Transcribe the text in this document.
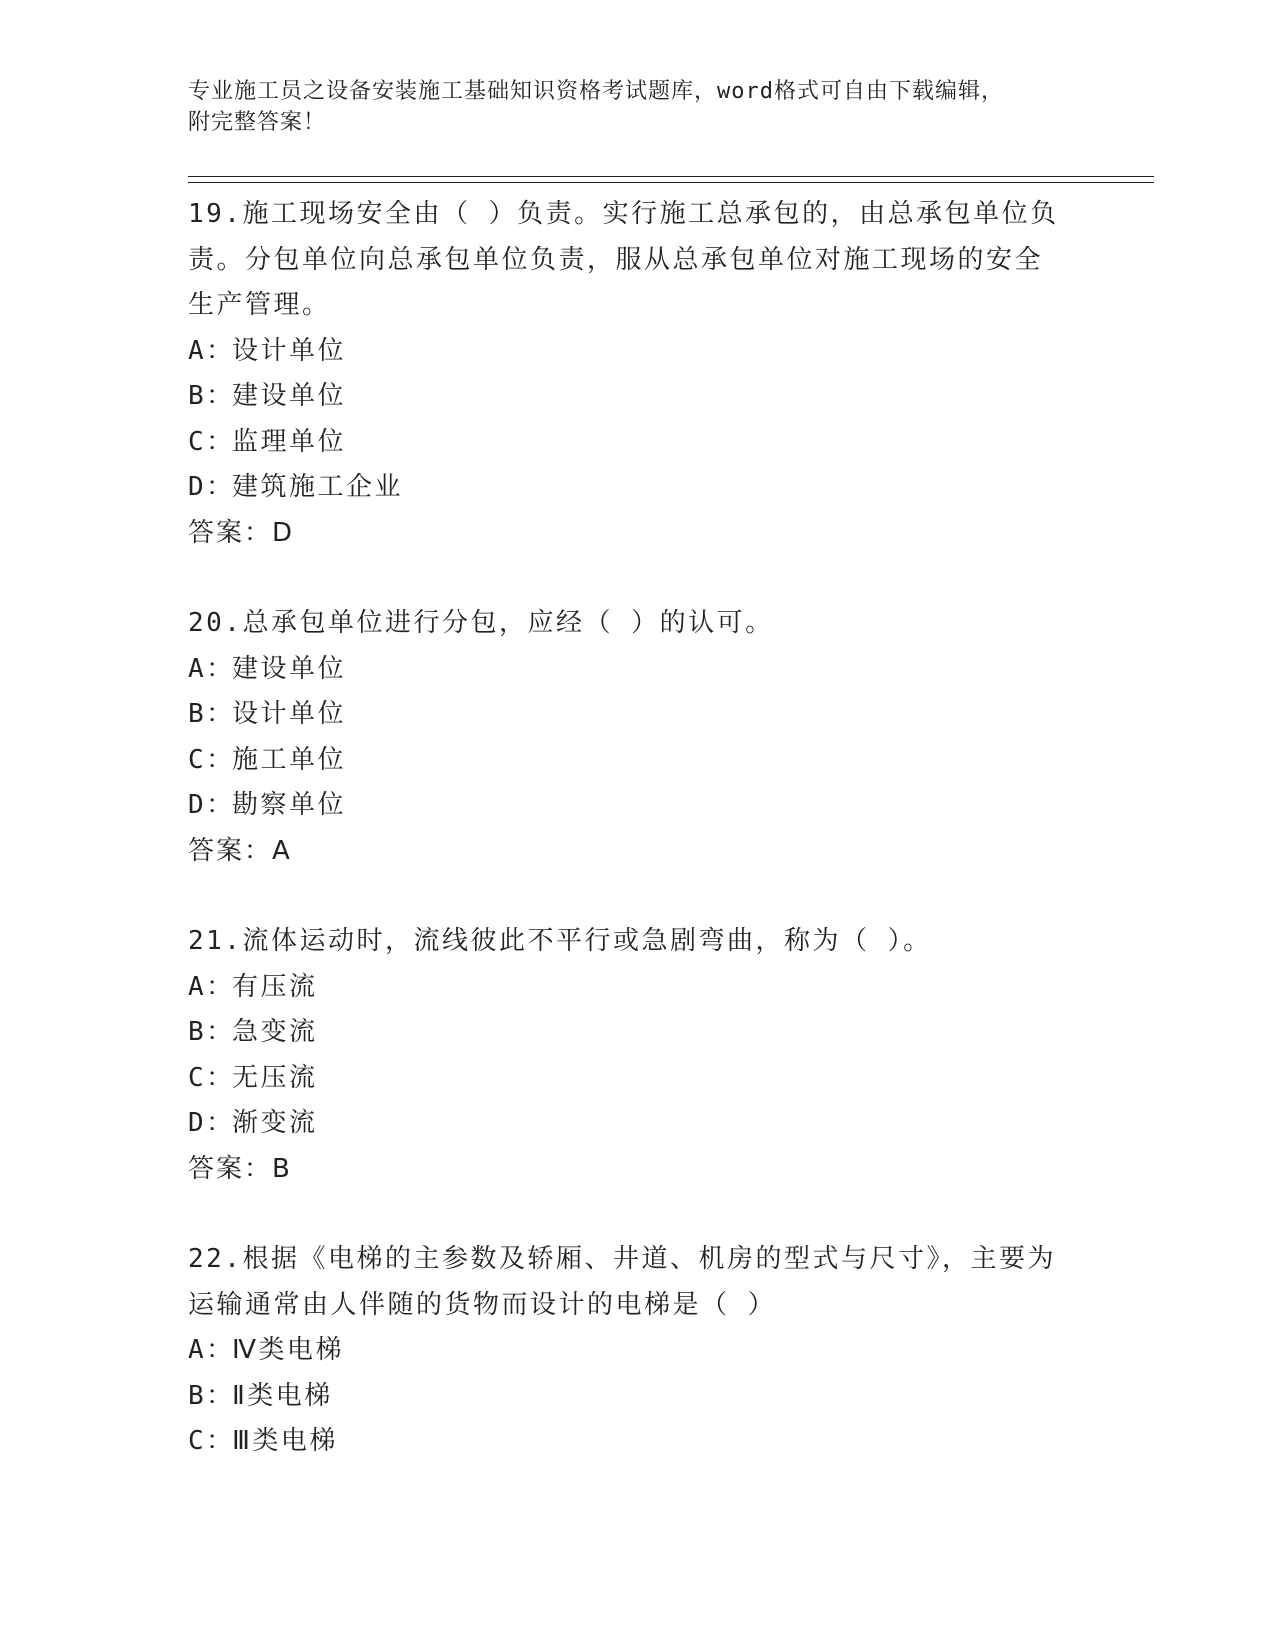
专业施工员之设备安装施工基础知识资格考试题库，word格式可自由下载编辑，
附完整答案！

19.施工现场安全由（ ）负责。实行施工总承包的，由总承包单位负

责。分包单位向总承包单位负责，服从总承包单位对施工现场的安全

生产管理。

A：设计单位

B：建设单位

C：监理单位

D：建筑施工企业

答案：D

20.总承包单位进行分包，应经（ ）的认可。

A：建设单位

B：设计单位

C：施工单位

D：勘察单位

答案：A

21.流体运动时，流线彼此不平行或急剧弯曲，称为（ ）。

A：有压流

B：急变流

C：无压流

D：渐变流

答案：B

22.根据《电梯的主参数及轿厢、井道、机房的型式与尺寸》，主要为

运输通常由人伴随的货物而设计的电梯是（ ）

A：Ⅳ类电梯

B：Ⅱ类电梯

C：Ⅲ类电梯
